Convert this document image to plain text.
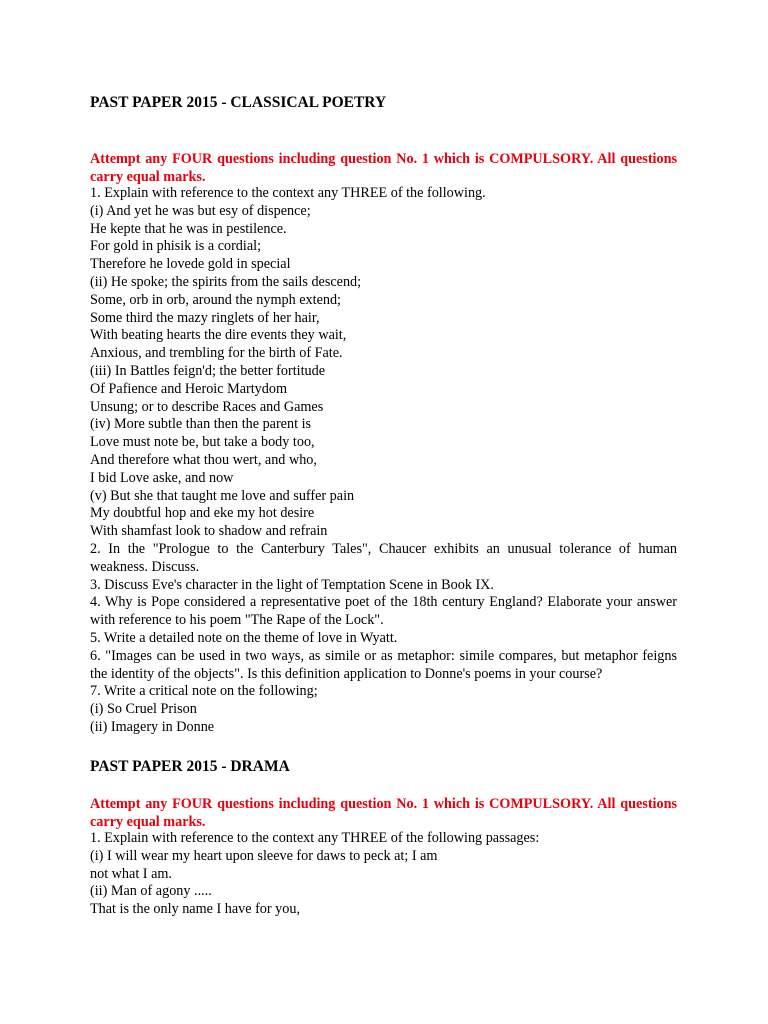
PAST PAPER 2015 - CLASSICAL POETRY
Attempt any FOUR questions including question No. 1 which is COMPULSORY. All questions carry equal marks.
1. Explain with reference to the context any THREE of the following.
(i) And yet he was but esy of dispence;
He kepte that he was in pestilence.
For gold in phisik is a cordial;
Therefore he lovede gold in special
(ii) He spoke; the spirits from the sails descend;
Some, orb in orb, around the nymph extend;
Some third the mazy ringlets of her hair,
With beating hearts the dire events they wait,
Anxious, and trembling for the birth of Fate.
(iii) In Battles feign'd; the better fortitude
Of Pafience and Heroic Martydom
Unsung; or to describe Races and Games
(iv) More subtle than then the parent is
Love must note be, but take a body too,
And therefore what thou wert, and who,
I bid Love aske, and now
(v) But she that taught me love and suffer pain
My doubtful hop and eke my hot desire
With shamfast look to shadow and refrain
2. In the "Prologue to the Canterbury Tales", Chaucer exhibits an unusual tolerance of human weakness. Discuss.
3. Discuss Eve's character in the light of Temptation Scene in Book IX.
4. Why is Pope considered a representative poet of the 18th century England? Elaborate your answer with reference to his poem "The Rape of the Lock".
5. Write a detailed note on the theme of love in Wyatt.
6. "Images can be used in two ways, as simile or as metaphor: simile compares, but metaphor feigns the identity of the objects". Is this definition application to Donne's poems in your course?
7. Write a critical note on the following;
(i) So Cruel Prison
(ii) Imagery in Donne
PAST PAPER 2015 - DRAMA
Attempt any FOUR questions including question No. 1 which is COMPULSORY. All questions carry equal marks.
1. Explain with reference to the context any THREE of the following passages:
(i) I will wear my heart upon sleeve for daws to peck at; I am
not what I am.
(ii) Man of agony .....
That is the only name I have for you,
